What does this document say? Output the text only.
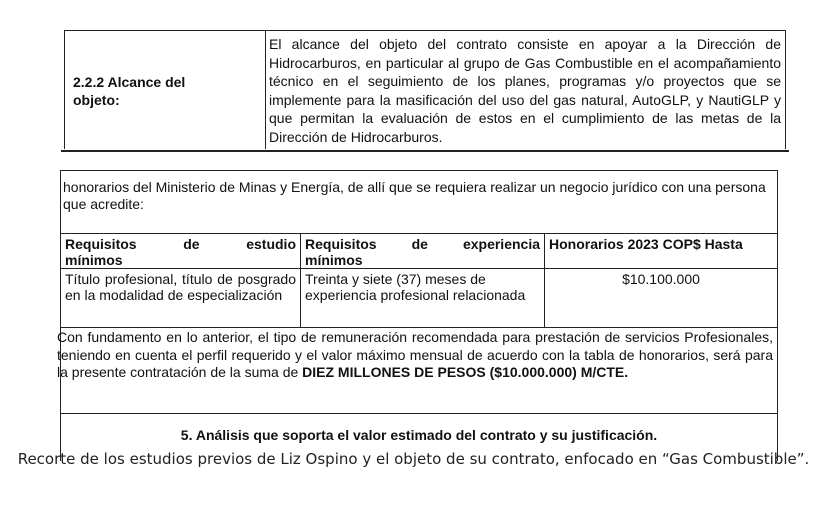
2.2.2 Alcance del
objeto:
El alcance del objeto del contrato consiste en apoyar a la Dirección de Hidrocarburos, en particular al grupo de Gas Combustible en el acompañamiento técnico en el seguimiento de los planes, programas y/o proyectos que se implemente para la masificación del uso del gas natural, AutoGLP, y NautiGLP y que permitan la evaluación de estos en el cumplimiento de las metas de la Dirección de Hidrocarburos.
honorarios del Ministerio de Minas y Energía, de allí que se requiera realizar un negocio jurídico con una persona que acredite:
Requisitos de estudio
mínimos
Requisitos de experiencia
mínimos
Honorarios 2023 COP$ Hasta
Título profesional, título de posgrado en la modalidad de especialización
Treinta y siete (37) meses de experiencia profesional relacionada
$10.100.000
Con fundamento en lo anterior, el tipo de remuneración recomendada para prestación de servicios Profesionales, teniendo en cuenta el perfil requerido y el valor máximo mensual de acuerdo con la tabla de honorarios, será para la presente contratación de la suma de DIEZ MILLONES DE PESOS ($10.000.000) M/CTE.
5. Análisis que soporta el valor estimado del contrato y su justificación.
Recorte de los estudios previos de Liz Ospino y el objeto de su contrato, enfocado en “Gas Combustible”.
